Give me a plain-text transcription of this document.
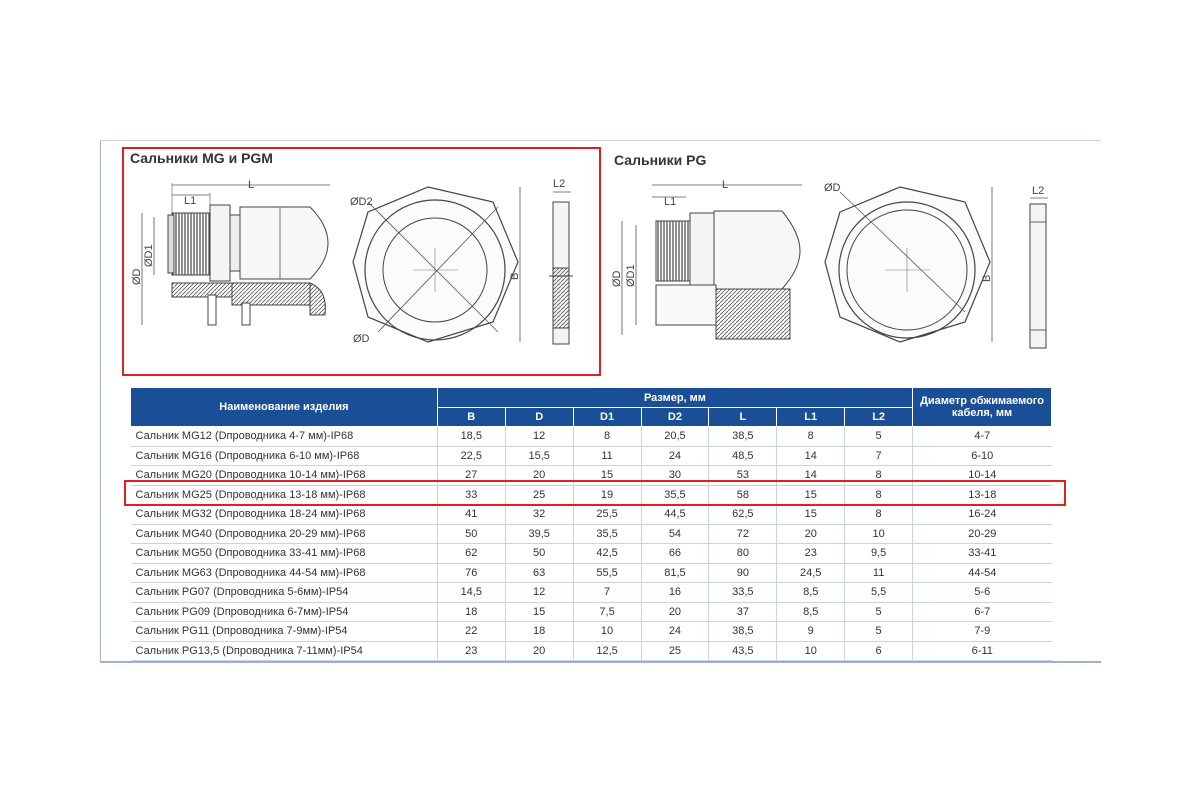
Сальники MG и PGM	Сальники PG
L
L1
ØD
ØD1
ØD2
ØD
B
L2	L
L1
ØD ØD1
ØD
B
L2
Наименование изделия	Размер, мм							Диаметр обжимаемого кабеля, мм
	B	D	D1	D2	L	L1	L2	
Сальник MG12 (Dпроводника 4-7 мм)-IP68	18,5	12	8	20,5	38,5	8	5	4-7
Сальник MG16 (Dпроводника 6-10 мм)-IP68	22,5	15,5	11	24	48,5	14	7	6-10
Сальник MG20 (Dпроводника 10-14 мм)-IP68	27	20	15	30	53	14	8	10-14
Сальник MG25 (Dпроводника 13-18 мм)-IP68	33	25	19	35,5	58	15	8	13-18
Сальник MG32 (Dпроводника 18-24 мм)-IP68	41	32	25,5	44,5	62,5	15	8	16-24
Сальник MG40 (Dпроводника 20-29 мм)-IP68	50	39,5	35,5	54	72	20	10	20-29
Сальник MG50 (Dпроводника 33-41 мм)-IP68	62	50	42,5	66	80	23	9,5	33-41
Сальник MG63 (Dпроводника 44-54 мм)-IP68	76	63	55,5	81,5	90	24,5	11	44-54
Сальник PG07 (Dпроводника 5-6мм)-IP54	14,5	12	7	16	33,5	8,5	5,5	5-6
Сальник PG09 (Dпроводника 6-7мм)-IP54	18	15	7,5	20	37	8,5	5	6-7
Сальник PG11 (Dпроводника 7-9мм)-IP54	22	18	10	24	38,5	9	5	7-9
Сальник PG13,5 (Dпроводника 7-11мм)-IP54	23	20	12,5	25	43,5	10	6	6-11
